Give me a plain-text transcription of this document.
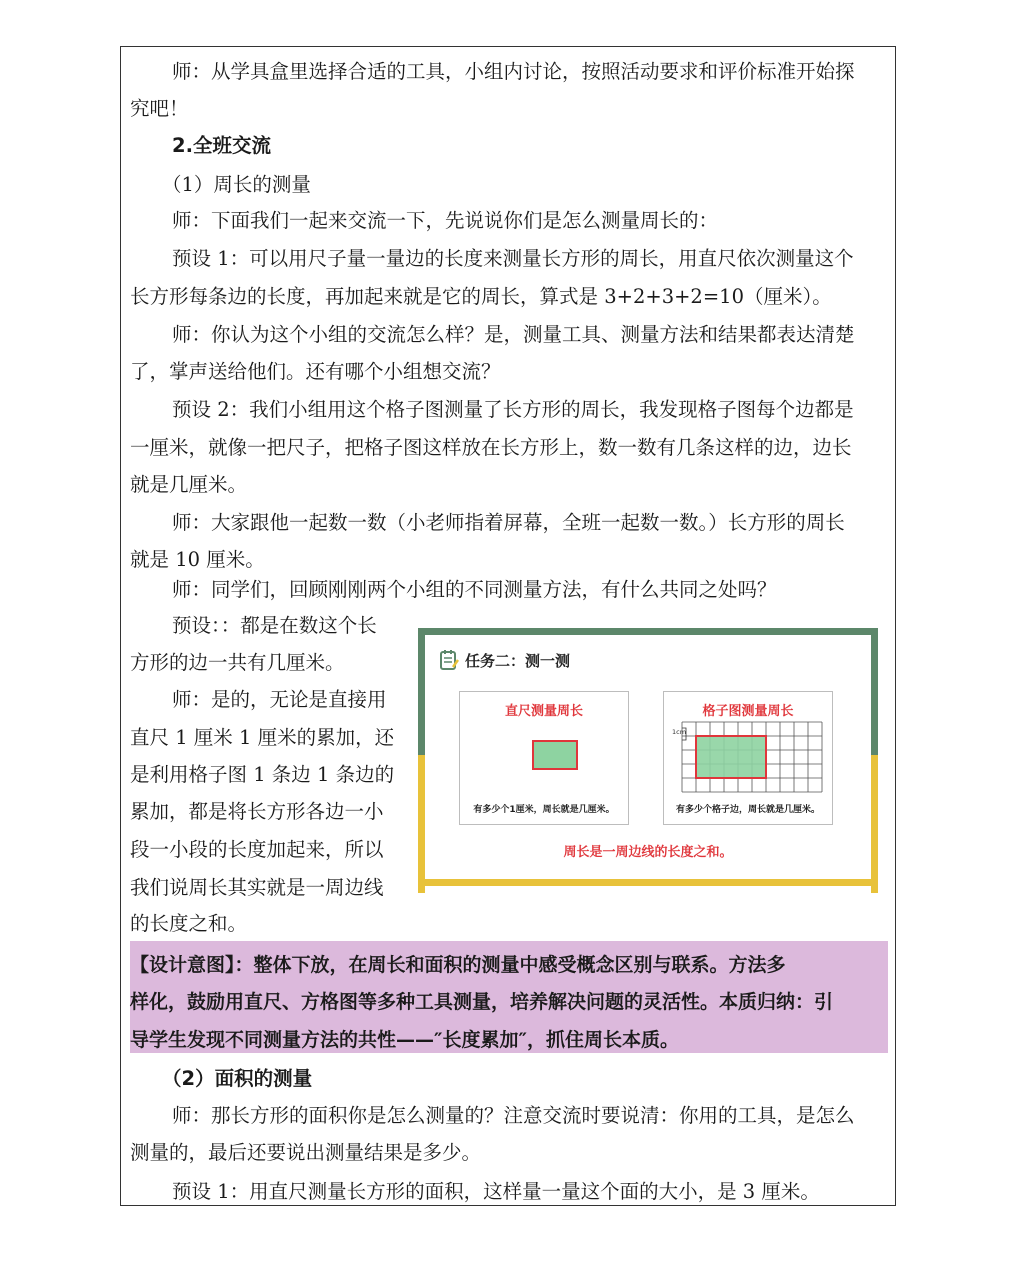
师：从学具盒里选择合适的工具，小组内讨论，按照活动要求和评价标准开始探
究吧！
2.全班交流
（1）周长的测量
师：下面我们一起来交流一下，先说说你们是怎么测量周长的：
预设 1：可以用尺子量一量边的长度来测量长方形的周长，用直尺依次测量这个
长方形每条边的长度，再加起来就是它的周长，算式是 3+2+3+2=10（厘米）。
师：你认为这个小组的交流怎么样？是，测量工具、测量方法和结果都表达清楚
了，掌声送给他们。还有哪个小组想交流？
预设 2：我们小组用这个格子图测量了长方形的周长，我发现格子图每个边都是
一厘米，就像一把尺子，把格子图这样放在长方形上，数一数有几条这样的边，边长
就是几厘米。
师：大家跟他一起数一数（小老师指着屏幕，全班一起数一数。）长方形的周长
就是 10 厘米。
师：同学们，回顾刚刚两个小组的不同测量方法，有什么共同之处吗？
预设：：都是在数这个长
方形的边一共有几厘米。
师：是的，无论是直接用
直尺 1 厘米 1 厘米的累加，还
是利用格子图 1 条边 1 条边的
累加，都是将长方形各边一小
段一小段的长度加起来，所以
我们说周长其实就是一周边线
的长度之和。
任务二：测一测
直尺测量周长
有多少个1厘米，周长就是几厘米。
格子图测量周长
1cm
有多少个格子边，周长就是几厘米。
周长是一周边线的长度之和。
【设计意图】：整体下放，在周长和面积的测量中感受概念区别与联系。方法多
样化，鼓励用直尺、方格图等多种工具测量，培养解决问题的灵活性。本质归纳：引
导学生发现不同测量方法的共性——″长度累加″，抓住周长本质。
（2）面积的测量
师：那长方形的面积你是怎么测量的？注意交流时要说清：你用的工具，是怎么
测量的，最后还要说出测量结果是多少。
预设 1：用直尺测量长方形的面积，这样量一量这个面的大小，是 3 厘米。
